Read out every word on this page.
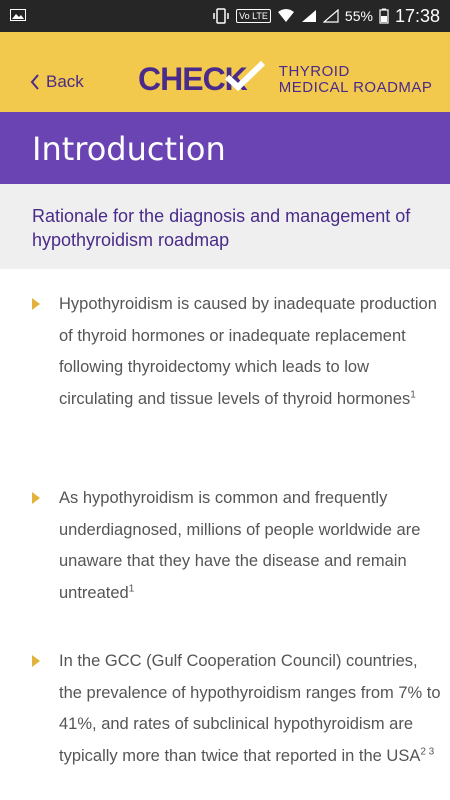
Vo LTE	55% 17:38
Back CHECK THYROID
MEDICAL ROADMAP
Introduction
Rationale for the diagnosis and management of hypothyroidism roadmap
Hypothyroidism is caused by inadequate production of thyroid hormones or inadequate replacement following thyroidectomy which leads to low circulating and tissue levels of thyroid hormones$^1$
As hypothyroidism is common and frequently underdiagnosed, millions of people worldwide are unaware that they have the disease and remain untreated$^1$
In the GCC (Gulf Cooperation Council) countries, the prevalence of hypothyroidism ranges from 7% to 41%, and rates of subclinical hypothyroidism are typically more than twice that reported in the $USA^{2 3}$
